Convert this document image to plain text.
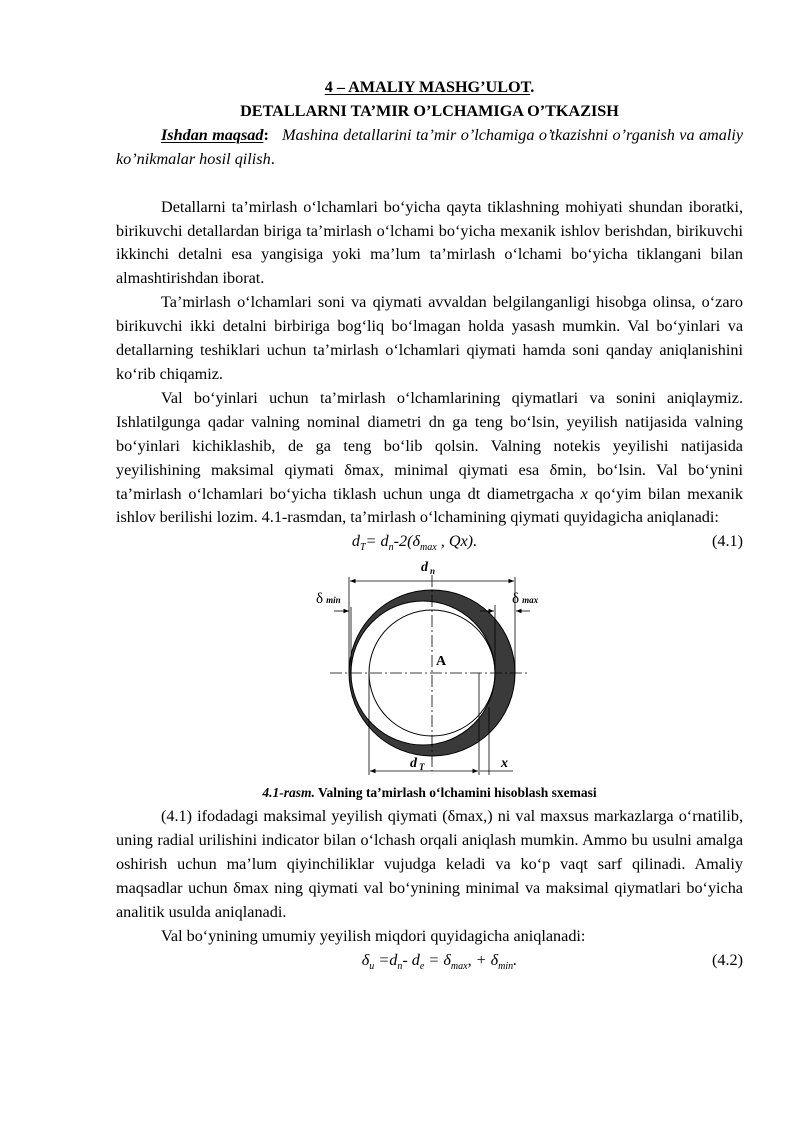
4 – AMALIY MASHG’ULOT.
DETALLARNI TA’MIR O’LCHAMIGA O’TKAZISH
Ishdan maqsad: Mashina detallarini ta’mir o’lchamiga o’tkazishni o’rganish va amaliy ko’nikmalar hosil qilish.
Detallarni ta’mirlash o‘lchamlari bo‘yicha qayta tiklashning mohiyati shundan iboratki, birikuvchi detallardan biriga ta’mirlash o‘lchami bo‘yicha mexanik ishlov berishdan, birikuvchi ikkinchi detalni esa yangisiga yoki ma’lum ta’mirlash o‘lchami bo‘yicha tiklangani bilan almashtirishdan iborat.
Ta’mirlash o‘lchamlari soni va qiymati avvaldan belgilanganligi hisobga olinsa, o‘zaro birikuvchi ikki detalni birbiriga bog‘liq bo‘lmagan holda yasash mumkin. Val bo‘yinlari va detallarning teshiklari uchun ta’mirlash o‘lchamlari qiymati hamda soni qanday aniqlanishini ko‘rib chiqamiz.
Val bo‘yinlari uchun ta’mirlash o‘lchamlarining qiymatlari va sonini aniqlaymiz. Ishlatilgunga qadar valning nominal diametri dn ga teng bo‘lsin, yeyilish natijasida valning bo‘yinlari kichiklashib, de ga teng bo‘lib qolsin. Valning notekis yeyilishi natijasida yeyilishining maksimal qiymati δmax, minimal qiymati esa δmin, bo‘lsin. Val bo‘ynini ta’mirlash o‘lchamlari bo‘yicha tiklash uchun unga dt diametrgacha x qo‘yim bilan mexanik ishlov berilishi lozim. 4.1-rasmdan, ta’mirlash o‘lchamining qiymati quyidagicha aniqlanadi:
$d_T= d_n-2(\delta_{max}$ , Qx).	(4.1)
d $_n$
δmin	δmax
A
d $_T$	x
4.1-rasm. Valning ta’mirlash o‘lchamini hisoblash sxemasi
(4.1) ifodadagi maksimal yeyilish qiymati (δmax,) ni val maxsus markazlarga o‘rnatilib, uning radial urilishini indicator bilan o‘lchash orqali aniqlash mumkin. Ammo bu usulni amalga oshirish uchun ma’lum qiyinchiliklar vujudga keladi va ko‘p vaqt sarf qilinadi. Amaliy maqsadlar uchun δmax ning qiymati val bo‘ynining minimal va maksimal qiymatlari bo‘yicha analitik usulda aniqlanadi.
Val bo‘ynining umumiy yeyilish miqdori quyidagicha aniqlanadi:
$\delta_u =d_n-$ $d_e = \delta_{max}$, + $\delta_{min}$.	(4.2)
